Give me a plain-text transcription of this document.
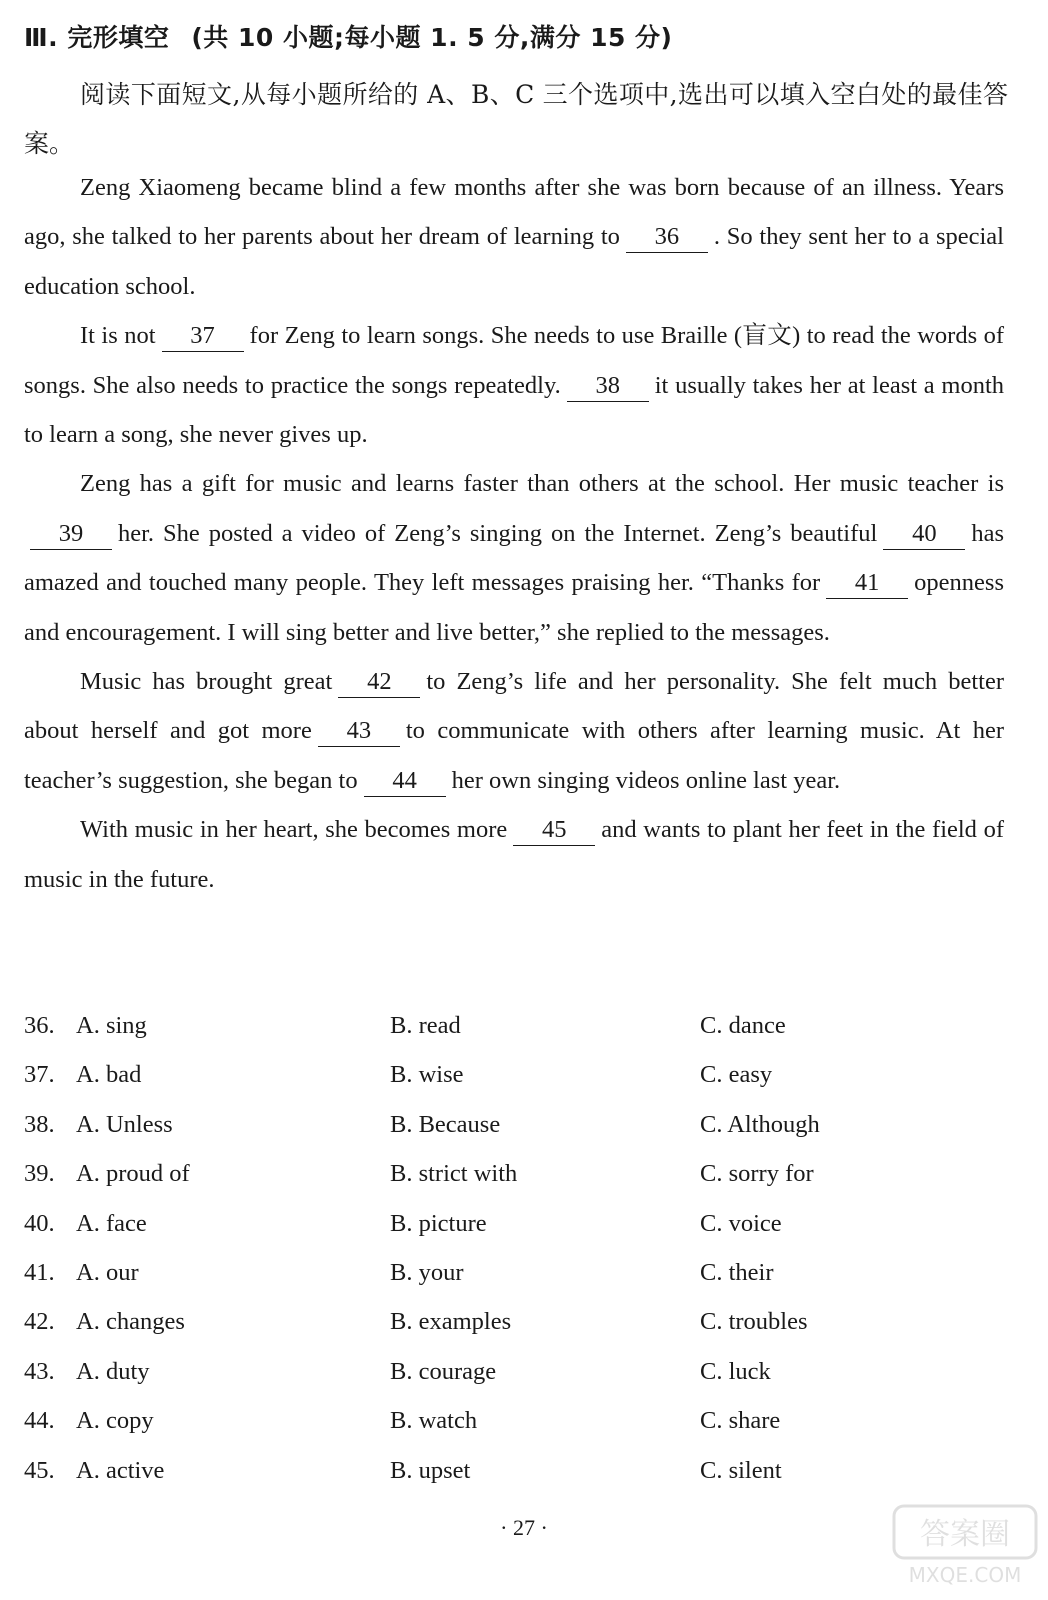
Ⅲ. 完形填空 (共 10 小题;每小题 1. 5 分,满分 15 分)
阅读下面短文,从每小题所给的 A、B、C 三个选项中,选出可以填入空白处的最佳答案。

Zeng Xiaomeng became blind a few months after she was born because of an illness. Years ago, she talked to her parents about her dream of learning to 36 . So they sent her to a special education school.

It is not 37 for Zeng to learn songs. She needs to use Braille (盲文) to read the words of songs. She also needs to practice the songs repeatedly. 38 it usually takes her at least a month to learn a song, she never gives up.

Zeng has a gift for music and learns faster than others at the school. Her music teacher is39 her. She posted a video of Zeng’s singing on the Internet. Zeng’s beautiful 40 has amazed and touched many people. They left messages praising her. “Thanks for 41 openness and encouragement. I will sing better and live better,” she replied to the messages.

Music has brought great 42 to Zeng’s life and her personality. She felt much better about herself and got more 43 to communicate with others after learning music. At her teacher’s suggestion, she began to 44 her own singing videos online last year.

With music in her heart, she becomes more 45 and wants to plant her feet in the field of music in the future.

36. A. sing	B. read	C. dance
37. A. bad	B. wise	C. easy
38. A. Unless	B. Because	C. Although
39. A. proud of	B. strict with	C. sorry for
40. A. face	B. picture	C. voice
41. A. our	B. your	C. their
42. A. changes	B. examples	C. troubles
43. A. duty	B. courage	C. luck
44. A. copy	B. watch	C. share
45. A. active	B. upset	C. silent
· 27 ·	答案圈
MXQE.COM
